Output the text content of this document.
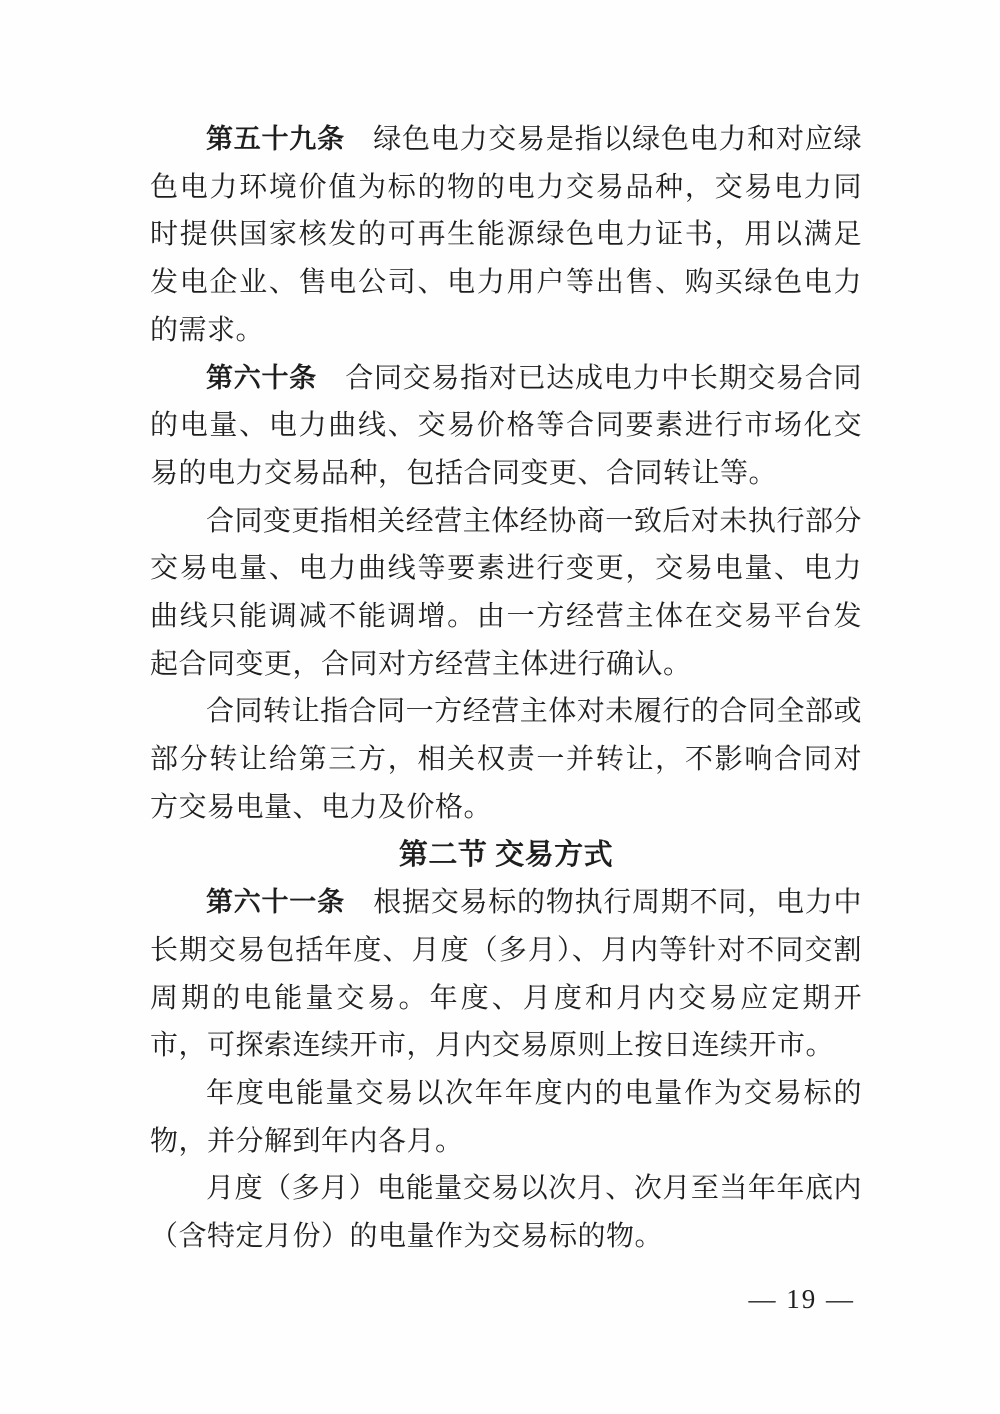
第五十九条 绿色电力交易是指以绿色电力和对应绿色电力环境价值为标的物的电力交易品种，交易电力同时提供国家核发的可再生能源绿色电力证书，用以满足发电企业、售电公司、电力用户等出售、购买绿色电力的需求。

第六十条 合同交易指对已达成电力中长期交易合同的电量、电力曲线、交易价格等合同要素进行市场化交易的电力交易品种，包括合同变更、合同转让等。

合同变更指相关经营主体经协商一致后对未执行部分交易电量、电力曲线等要素进行变更，交易电量、电力曲线只能调减不能调增。由一方经营主体在交易平台发起合同变更，合同对方经营主体进行确认。

合同转让指合同一方经营主体对未履行的合同全部或部分转让给第三方，相关权责一并转让，不影响合同对方交易电量、电力及价格。

第二节 交易方式

第六十一条 根据交易标的物执行周期不同，电力中长期交易包括年度、月度（多月）、月内等针对不同交割周期的电能量交易。年度、月度和月内交易应定期开市，可探索连续开市，月内交易原则上按日连续开市。

年度电能量交易以次年年度内的电量作为交易标的物，并分解到年内各月。

月度（多月）电能量交易以次月、次月至当年年底内（含特定月份）的电量作为交易标的物。

— 19 —
